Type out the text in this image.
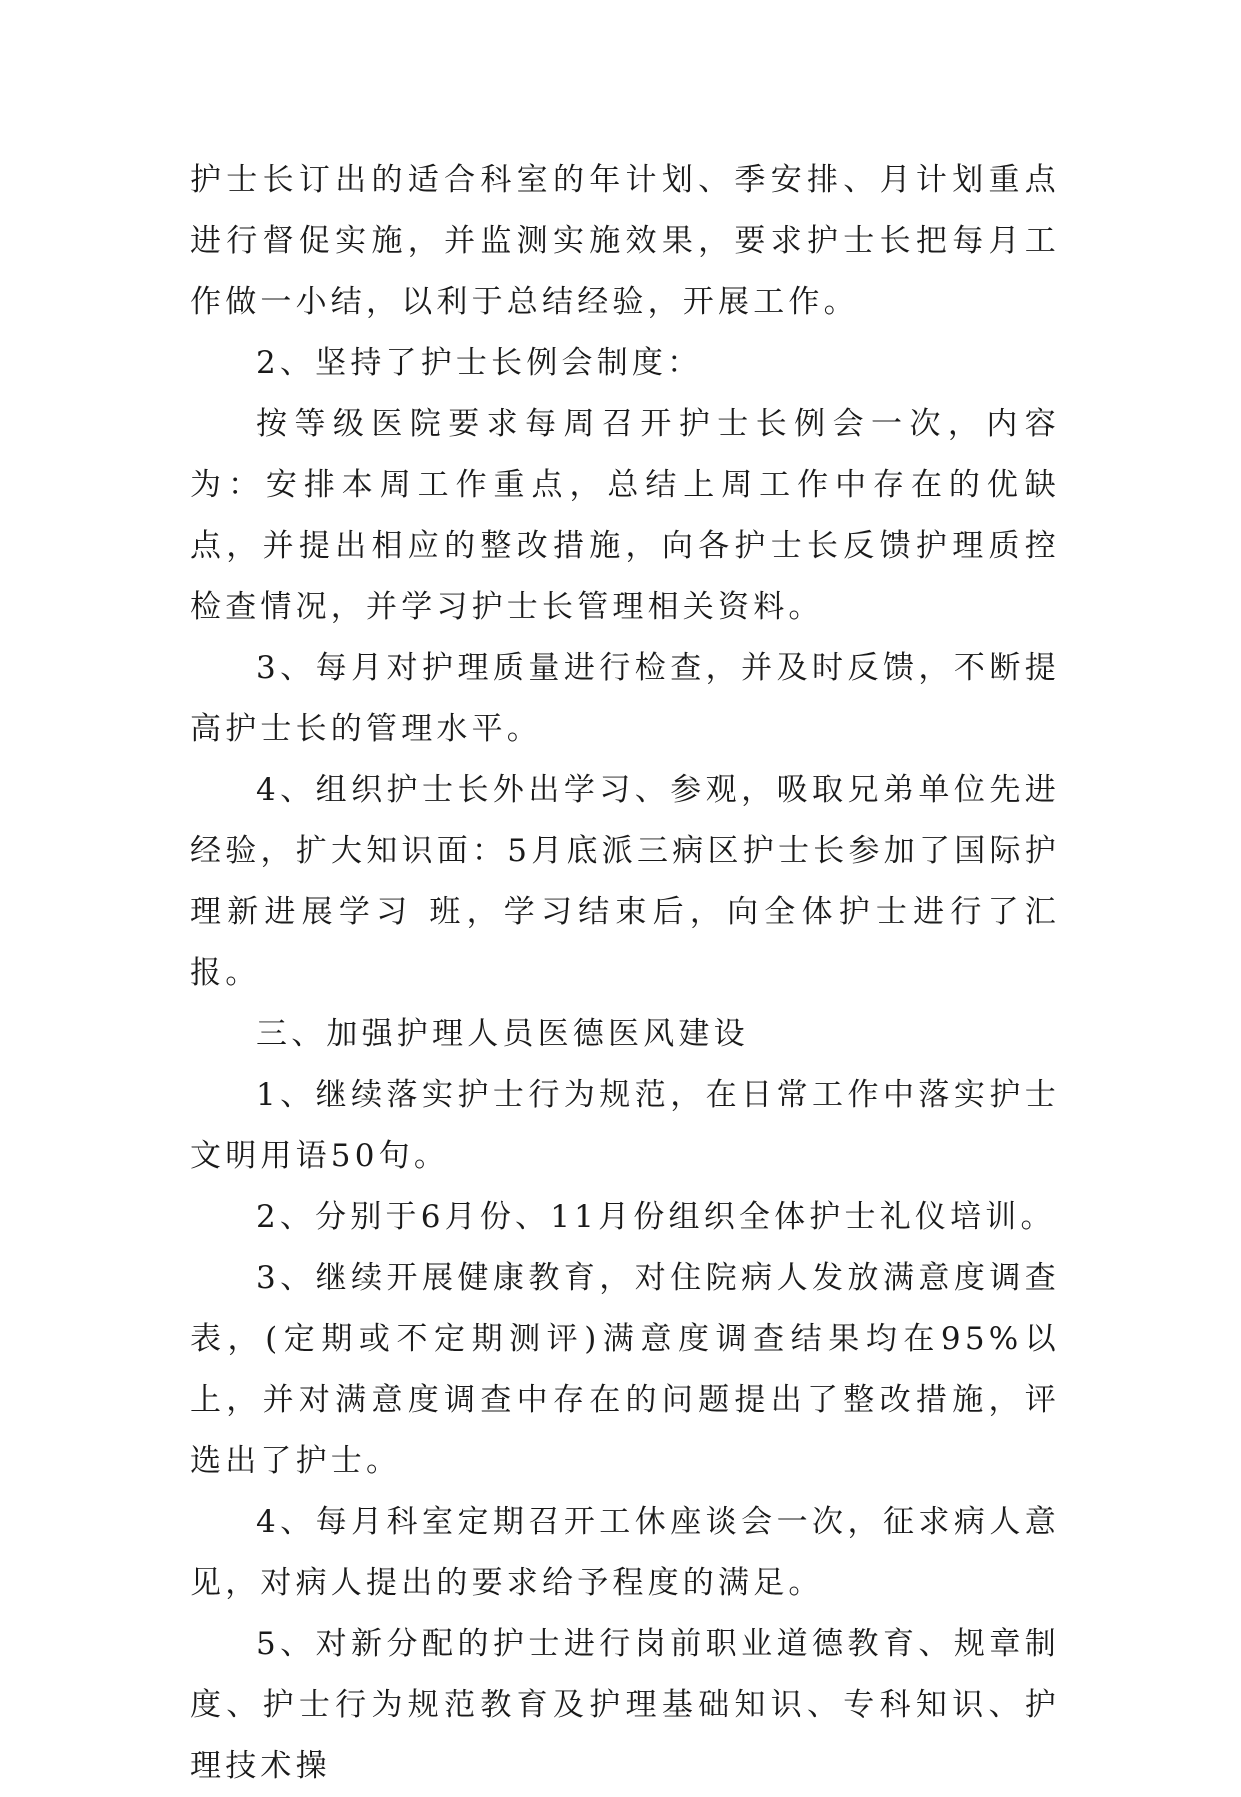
护士长订出的适合科室的年计划、季安排、月计划重点进行督促实施，并监测实施效果，要求护士长把每月工作做一小结，以利于总结经验，开展工作。

2、坚持了护士长例会制度：

按等级医院要求每周召开护士长例会一次，内容为：安排本周工作重点，总结上周工作中存在的优缺点，并提出相应的整改措施，向各护士长反馈护理质控检查情况，并学习护士长管理相关资料。

3、每月对护理质量进行检查，并及时反馈，不断提高护士长的管理水平。

4、组织护士长外出学习、参观，吸取兄弟单位先进经验，扩大知识面：5月底派三病区护士长参加了国际护理新进展学习 班，学习结束后，向全体护士进行了汇报。

三、加强护理人员医德医风建设

1、继续落实护士行为规范，在日常工作中落实护士文明用语50句。

2、分别于6月份、11月份组织全体护士礼仪培训。

3、继续开展健康教育，对住院病人发放满意度调查表，(定期或不定期测评)满意度调查结果均在95%以上，并对满意度调查中存在的问题提出了整改措施，评选出了护士。

4、每月科室定期召开工休座谈会一次，征求病人意见，对病人提出的要求给予程度的满足。

5、对新分配的护士进行岗前职业道德教育、规章制度、护士行为规范教育及护理基础知识、专科知识、护理技术操
